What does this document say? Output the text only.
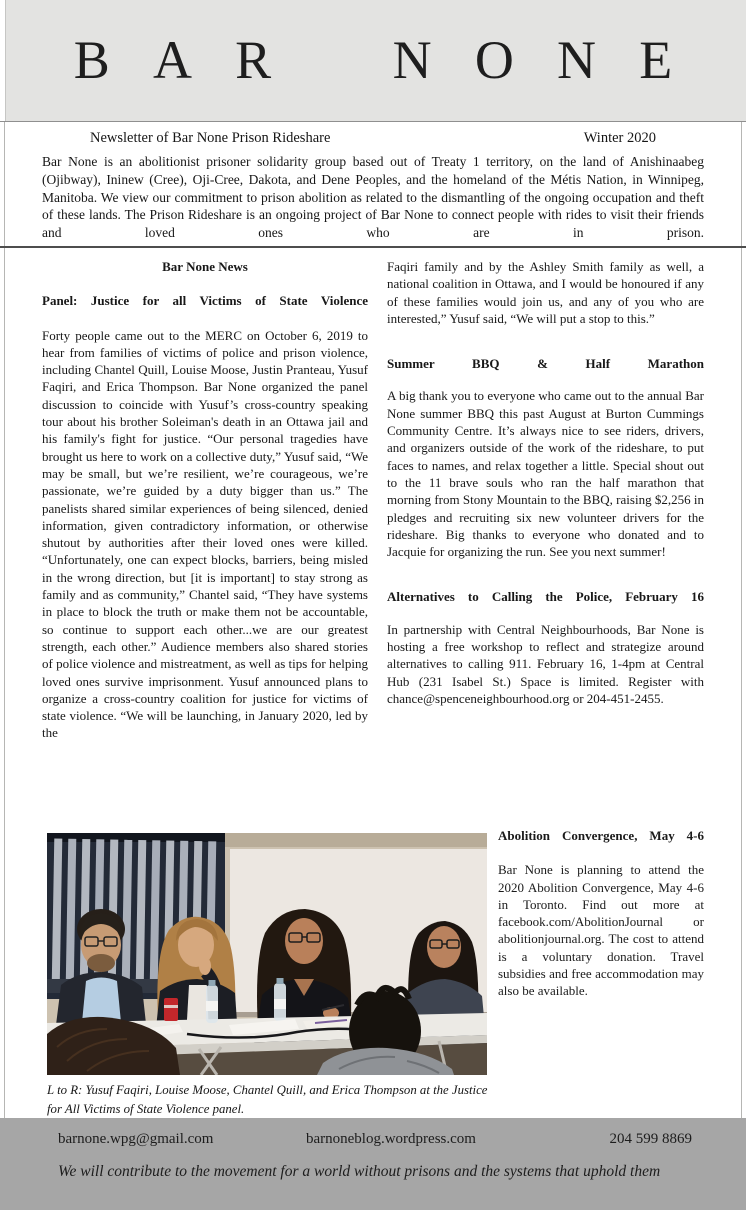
BAR NONE
Newsletter of Bar None Prison Rideshare	Winter 2020

Bar None is an abolitionist prisoner solidarity group based out of Treaty 1 territory, on the land of Anishinaabeg (Ojibway), Ininew (Cree), Oji-Cree, Dakota, and Dene Peoples, and the homeland of the Métis Nation, in Winnipeg, Manitoba. We view our commitment to prison abolition as related to the dismantling of the ongoing occupation and theft of these lands. The Prison Rideshare is an ongoing project of Bar None to connect people with rides to visit their friends and loved ones who are in prison.

Bar None News
Panel: Justice for all Victims of State Violence

Forty people came out to the MERC on October 6, 2019 to hear from families of victims of police and prison violence, including Chantel Quill, Louise Moose, Justin Pranteau, Yusuf Faqiri, and Erica Thompson. Bar None organized the panel discussion to coincide with Yusuf’s cross-country speaking tour about his brother Soleiman's death in an Ottawa jail and his family's fight for justice. “Our personal tragedies have brought us here to work on a collective duty,” Yusuf said, “We may be small, but we’re resilient, we’re courageous, we’re passionate, we’re guided by a duty bigger than us.” The panelists shared similar experiences of being silenced, denied information, given contradictory information, or otherwise shutout by authorities after their loved ones were killed. “Unfortunately, one can expect blocks, barriers, being misled in the wrong direction, but [it is important] to stay strong as family and as community,” Chantel said, “They have systems in place to block the truth or make them not be accountable, so continue to support each other...we are our greatest strength, each other.” Audience members also shared stories of police violence and mistreatment, as well as tips for helping loved ones survive imprisonment. Yusuf announced plans to organize a cross-country coalition for justice for victims of state violence. “We will be launching, in January 2020, led by the

Faqiri family and by the Ashley Smith family as well, a national coalition in Ottawa, and I would be honoured if any of these families would join us, and any of you who are interested,” Yusuf said, “We will put a stop to this.”

Summer BBQ & Half Marathon

A big thank you to everyone who came out to the annual Bar None summer BBQ this past August at Burton Cummings Community Centre. It’s always nice to see riders, drivers, and organizers outside of the work of the rideshare, to put faces to names, and relax together a little. Special shout out to the 11 brave souls who ran the half marathon that morning from Stony Mountain to the BBQ, raising $2,256 in pledges and recruiting six new volunteer drivers for the rideshare. Big thanks to everyone who donated and to Jacquie for organizing the run. See you next summer!

Alternatives to Calling the Police, February 16

In partnership with Central Neighbourhoods, Bar None is hosting a free workshop to reflect and strategize around alternatives to calling 911. February 16, 1-4pm at Central Hub (231 Isabel St.) Space is limited. Register with chance@spenceneighbourhood.org or 204-451-2455.

L to R: Yusuf Faqiri, Louise Moose, Chantel Quill, and Erica Thompson at the Justice for All Victims of State Violence panel.
Abolition Convergence, May 4-6

Bar None is planning to attend the 2020 Abolition Convergence, May 4-6 in Toronto. Find out more at facebook.com/AbolitionJournal or abolitionjournal.org. The cost to attend is a voluntary donation. Travel subsidies and free accommodation may also be available.

barnone.wpg@gmail.com	barnoneblog.wordpress.com	204 599 8869
We will contribute to the movement for a world without prisons and the systems that uphold them
